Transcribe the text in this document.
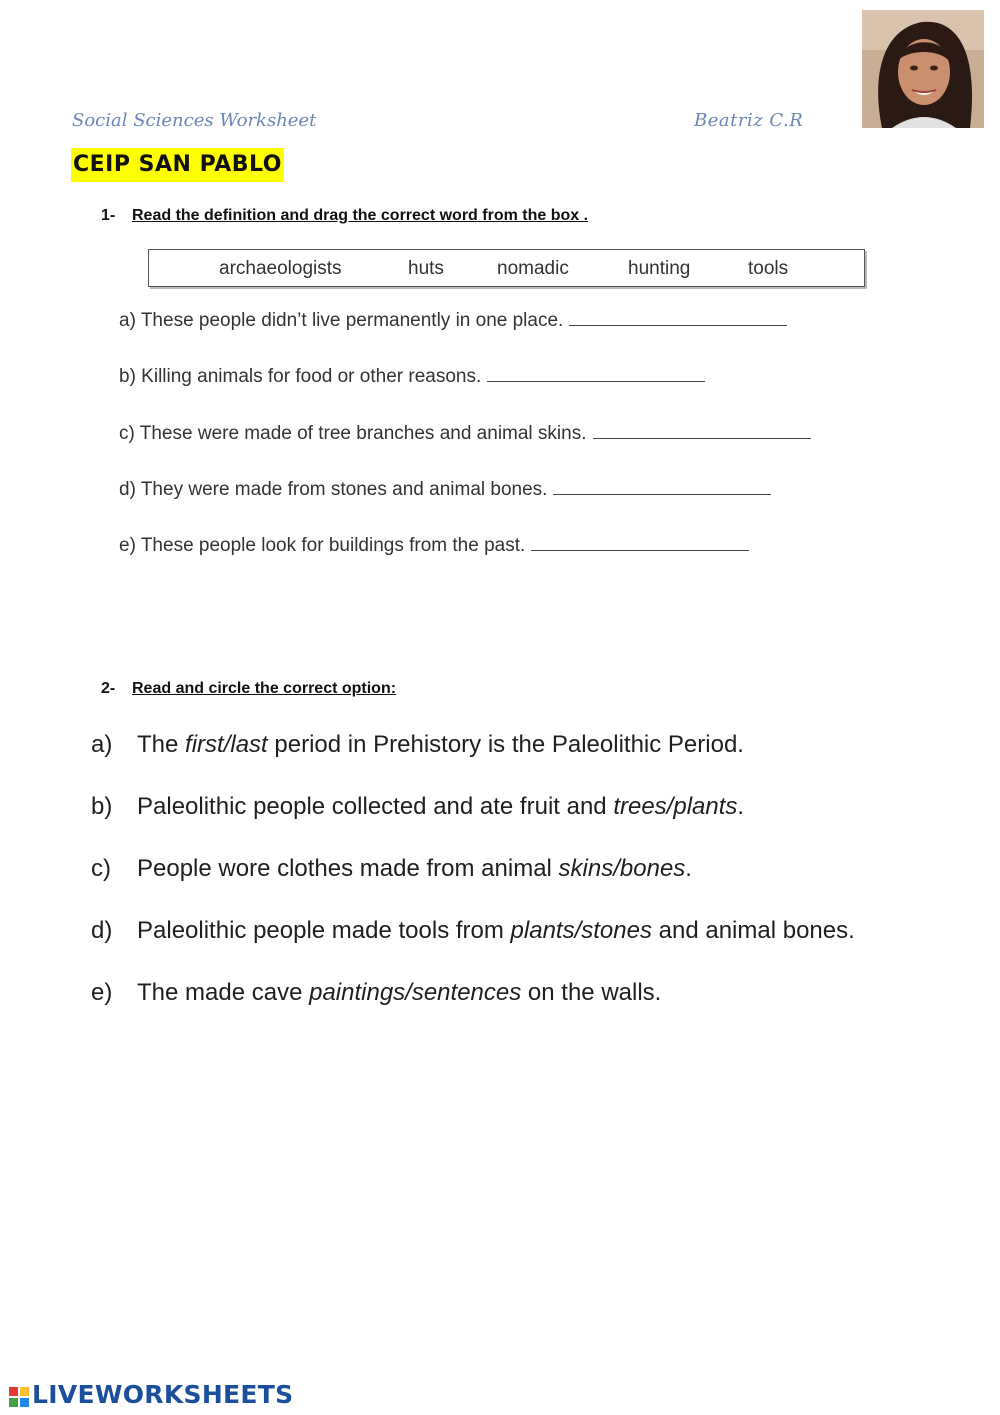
Social Sciences Worksheet	Beatriz C.R
CEIP SAN PABLO
1- Read the definition and drag the correct word from the box .
archaeologists	huts	nomadic	hunting	tools
a) These people didn’t live permanently in one place.
b) Killing animals for food or other reasons.
c) These were made of tree branches and animal skins.
d) They were made from stones and animal bones.
e) These people look for buildings from the past.
2- Read and circle the correct option:
a) The first/last period in Prehistory is the Paleolithic Period.
b) Paleolithic people collected and ate fruit and trees/plants.
c) People wore clothes made from animal skins/bones.
d) Paleolithic people made tools from plants/stones and animal bones.
e) The made cave paintings/sentences on the walls.
LIVEWORKSHEETS
